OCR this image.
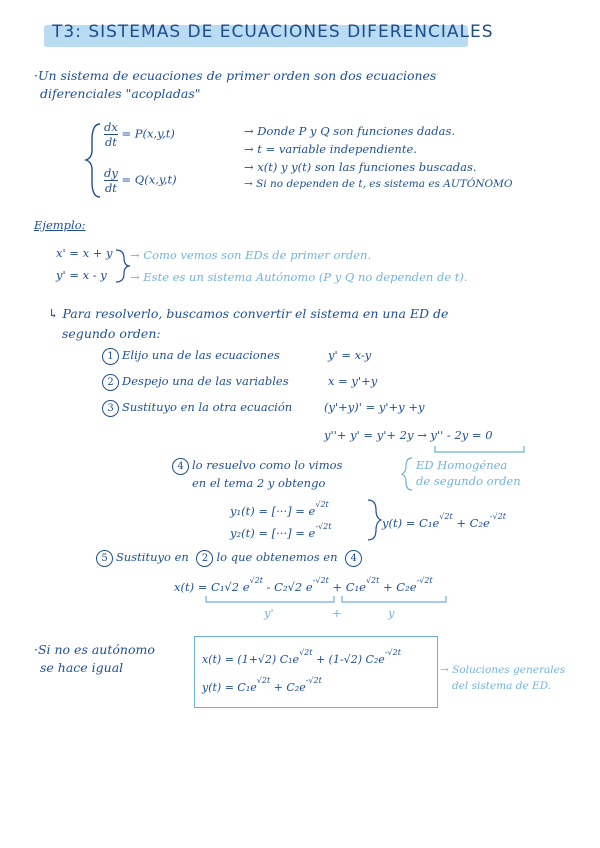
T3: SISTEMAS DE ECUACIONES DIFERENCIALES
·Un sistema de ecuaciones de primer orden son dos ecuaciones
diferenciales "acopladas"
$\frac{dx}{dt} = P(x,y,t)$
$\frac{dy}{dt} = Q(x,y,t)$
→ Donde P y Q son funciones dadas.
→ t = variable independiente.
→ x(t) y y(t) son las funciones buscadas.
→ Si no dependen de t, es sistema es AUTÓNOMO
Ejemplo:
x' = x + y
y' = x - y
→ Como vemos son EDs de primer orden.
→ Este es un sistema Autónomo (P y Q no dependen de t).
↳ Para resolverlo, buscamos convertir el sistema en una ED de
segundo orden:
1 Elijo una de las ecuaciones	y' = x-y
2 Despejo una de las variables	x = y'+y
3 Sustituyo en la otra ecuación	(y'+y)' = y'+y +y
y''+ y' = y'+ 2y → y'' - 2y = 0
4 lo resuelvo como lo vimos
en el tema 2 y obtengo
ED Homogénea
de segundo orden
y₁(t) = [···] = $e^{√2t}$
y₂(t) = [···] = $e^{-√2t}$	$y(t) = C_1e^{√2t} + C_2e^{-√2t}$
5 Sustituyo en 2 lo que obtenemos en 4
x(t) = C₁√2 $e^{√2t} - C_2√2$ $e^{-√2t} + C_1e^{√2t} + C_2e^{-√2t}$
y'	+	y
·Si no es autónomo
se hace igual
x(t) = (1+√2) $C_1e^{√2t} + (1-√2)$ $C_2e^{-√2t}$
$y(t) = C_1e^{√2t} + C_2e^{-√2t}$
→ Soluciones generales
del sistema de ED.
